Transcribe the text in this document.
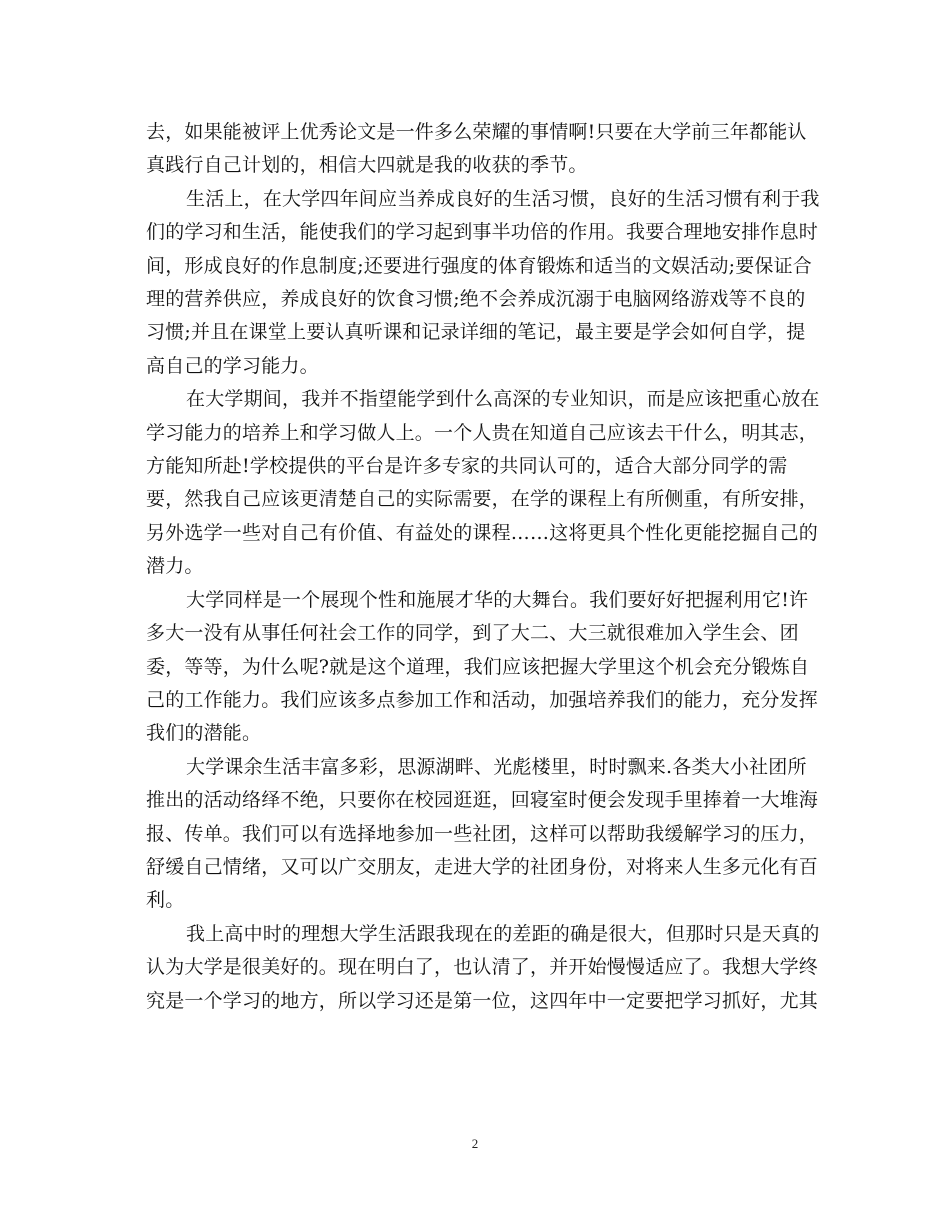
去，如果能被评上优秀论文是一件多么荣耀的事情啊!只要在大学前三年都能认
真践行自己计划的，相信大四就是我的收获的季节。

生活上，在大学四年间应当养成良好的生活习惯，良好的生活习惯有利于我
们的学习和生活，能使我们的学习起到事半功倍的作用。我要合理地安排作息时
间，形成良好的作息制度;还要进行强度的体育锻炼和适当的文娱活动;要保证合
理的营养供应，养成良好的饮食习惯;绝不会养成沉溺于电脑网络游戏等不良的
习惯;并且在课堂上要认真听课和记录详细的笔记，最主要是学会如何自学，提
高自己的学习能力。

在大学期间，我并不指望能学到什么高深的专业知识，而是应该把重心放在
学习能力的培养上和学习做人上。一个人贵在知道自己应该去干什么，明其志，
方能知所赴!学校提供的平台是许多专家的共同认可的，适合大部分同学的需
要，然我自己应该更清楚自己的实际需要，在学的课程上有所侧重，有所安排，
另外选学一些对自己有价值、有益处的课程……这将更具个性化更能挖掘自己的
潜力。

大学同样是一个展现个性和施展才华的大舞台。我们要好好把握利用它!许
多大一没有从事任何社会工作的同学，到了大二、大三就很难加入学生会、团
委，等等，为什么呢?就是这个道理，我们应该把握大学里这个机会充分锻炼自
己的工作能力。我们应该多点参加工作和活动，加强培养我们的能力，充分发挥
我们的潜能。

大学课余生活丰富多彩，思源湖畔、光彪楼里，时时飘来.各类大小社团所
推出的活动络绎不绝，只要你在校园逛逛，回寝室时便会发现手里捧着一大堆海
报、传单。我们可以有选择地参加一些社团，这样可以帮助我缓解学习的压力，
舒缓自己情绪，又可以广交朋友，走进大学的社团身份，对将来人生多元化有百
利。

我上高中时的理想大学生活跟我现在的差距的确是很大，但那时只是天真的
认为大学是很美好的。现在明白了，也认清了，并开始慢慢适应了。我想大学终
究是一个学习的地方，所以学习还是第一位，这四年中一定要把学习抓好，尤其

2
